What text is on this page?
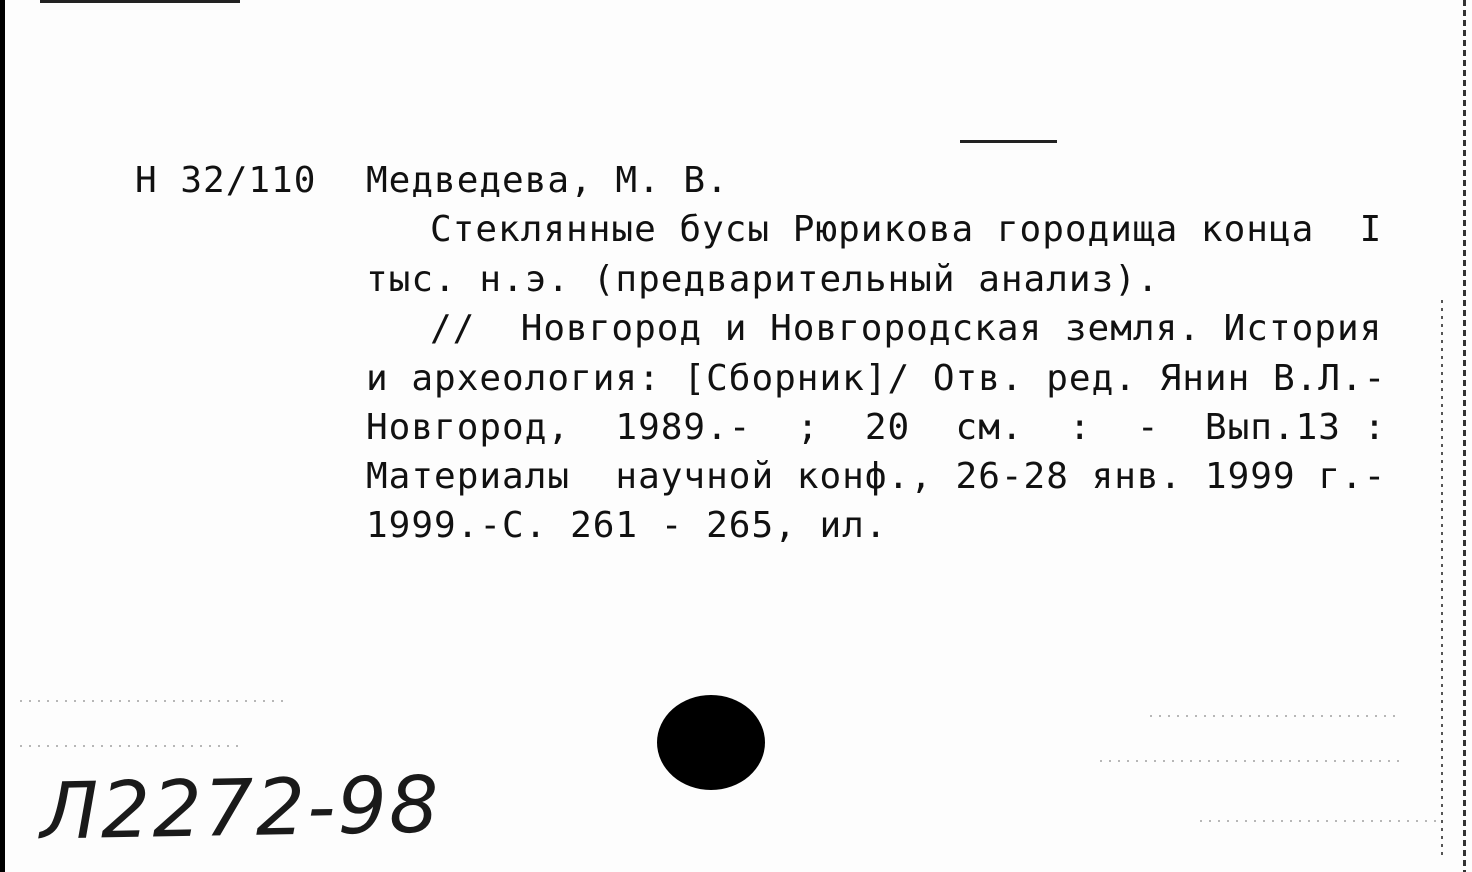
Н 32/110 Медведева, М. В.
Стеклянные бусы Рюрикова городища конца  I
тыс. н.э. (предварительный анализ).
//  Новгород и Новгородская земля. История
и археология: [Сборник]/ Отв. ред. Янин В.Л.-
Новгород,  1989.-  ;  20  см.  :  -  Вып.13 :
Материалы  научной конф., 26-28 янв. 1999 г.-
1999.-С. 261 - 265, ил.
Л2272-98
